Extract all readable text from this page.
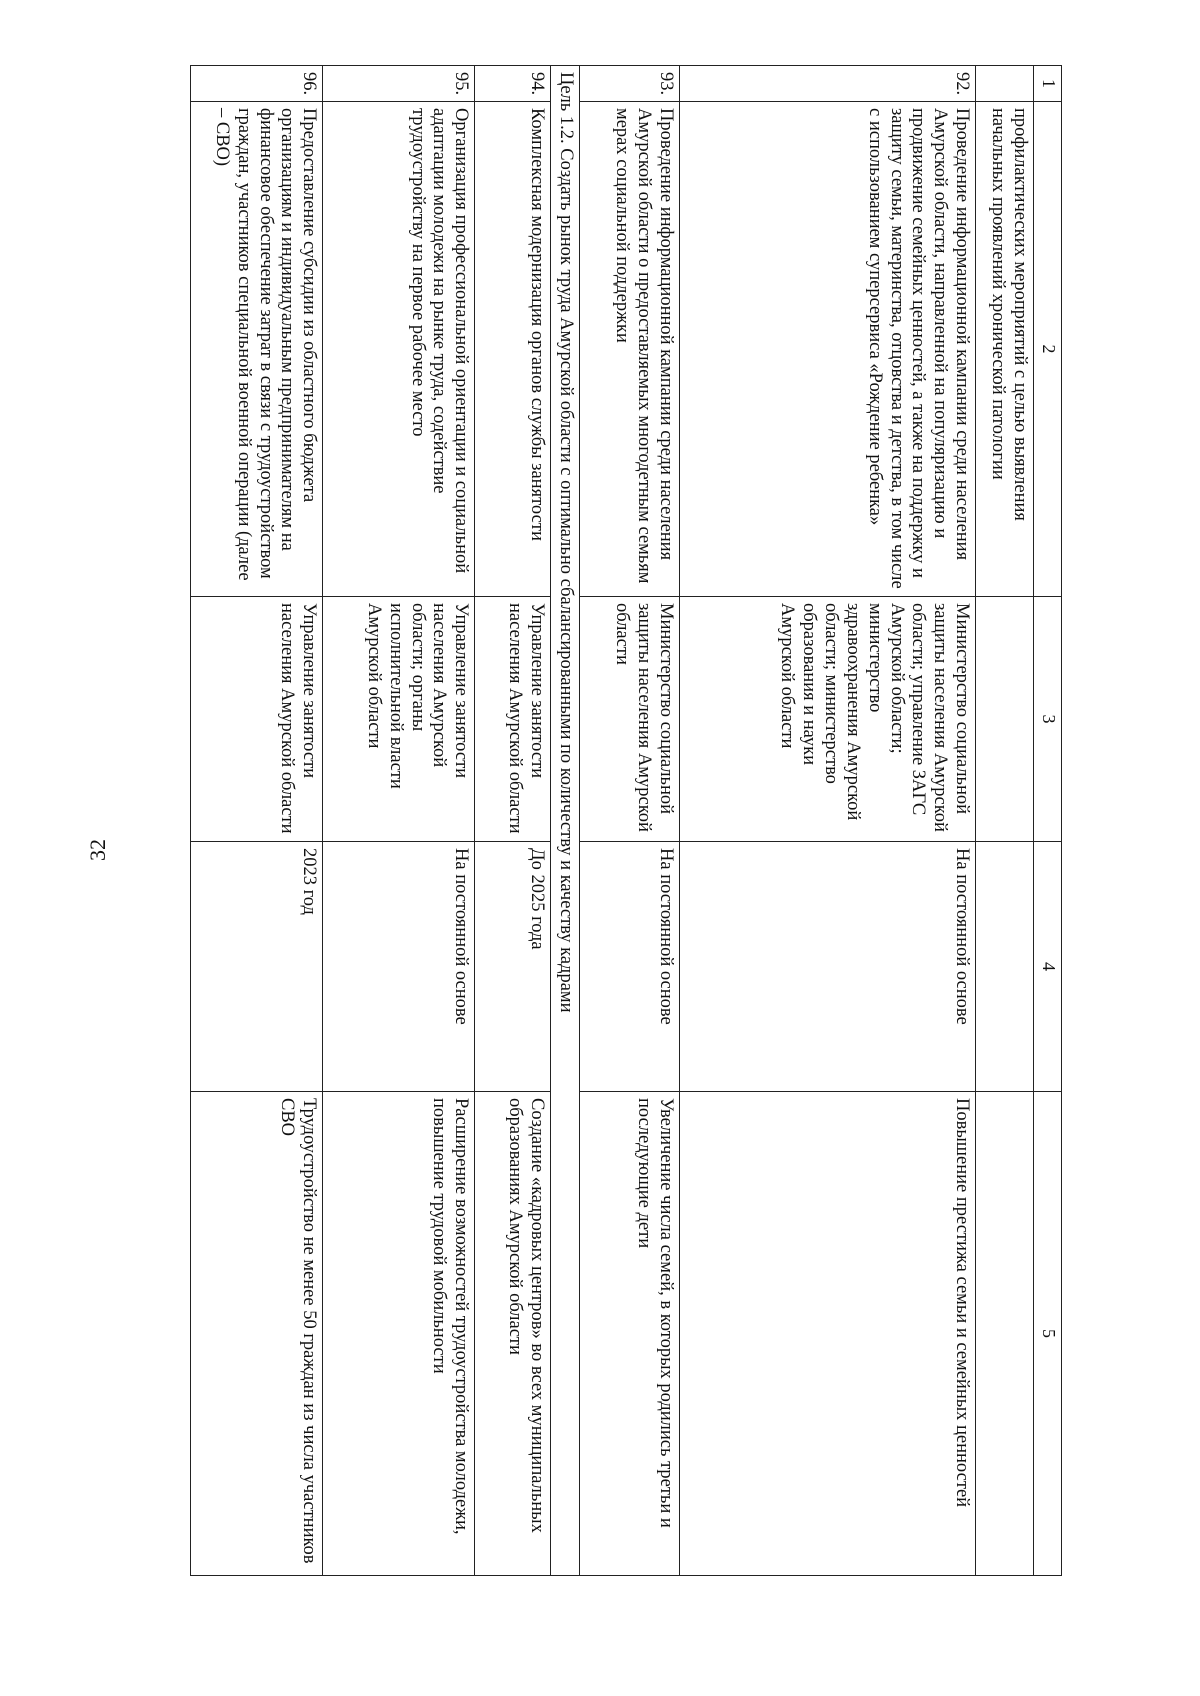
32
1	2	3	4	5
	профилактических мероприятий с целью выявления начальных проявлений хронической патологии			
92.	Проведение информационной кампании среди населения Амурской области, направленной на популяризацию и продвижение семейных ценностей, а также на поддержку и защиту семьи, материнства, отцовства и детства, в том числе с использованием суперсервиса «Рождение ребенка»	Министерство социальной защиты населения Амурской области; управление ЗАГС Амурской области; министерство здравоохранения Амурской области; министерство образования и науки Амурской области	На постоянной основе	Повышение престижа семьи и семейных ценностей
93.	Проведение информационной кампании среди населения Амурской области о предоставляемых многодетным семьям мерах социальной поддержки	Министерство социальной защиты населения Амурской области	На постоянной основе	Увеличение числа семей, в которых родились третьи и последующие дети
Цель 1.2. Создать рынок труда Амурской области с оптимально сбалансированными по количеству и качеству кадрами				
94.	Комплексная модернизация органов службы занятости	Управление занятости населения Амурской области	До 2025 года	Создание «кадровых центров» во всех муниципальных образованиях Амурской области
95.	Организация профессиональной ориентации и социальной адаптации молодежи на рынке труда, содействие трудоустройству на первое рабочее место	Управление занятости населения Амурской области; органы исполнительной власти Амурской области	На постоянной основе	Расширение возможностей трудоустройства молодежи, повышение трудовой мобильности
96.	Предоставление субсидии из областного бюджета организациям и индивидуальным предпринимателям на финансовое обеспечение затрат в связи с трудоустройством граждан, участников специальной военной операции (далее – СВО)	Управление занятости населения Амурской области	2023 год	Трудоустройство не менее 50 граждан из числа участников СВО
